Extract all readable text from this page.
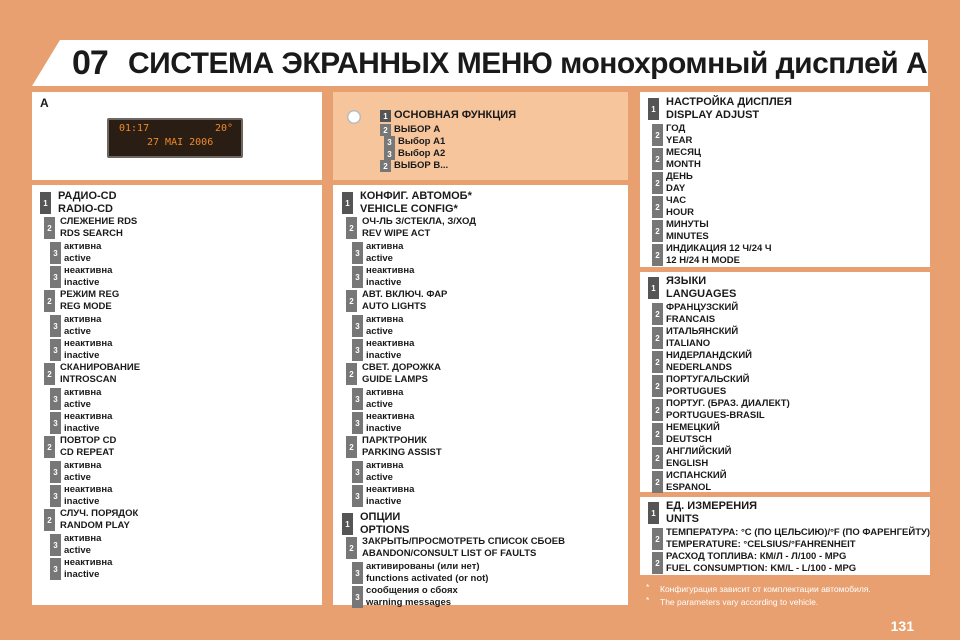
07 СИСТЕМА ЭКРАННЫХ МЕНЮ монохромный дисплей A
A
01:17	20°
27 MAI 2006
1 ОСНОВНАЯ ФУНКЦИЯ
2 ВЫБОР A
3 Выбор A1
3 Выбор A2
2 ВЫБОР B...
1
РАДИО-CD
RADIO-CD
2
СЛЕЖЕНИЕ RDS
RDS SEARCH
3
активна
active
3
неактивна
inactive
2
РЕЖИМ REG
REG MODE
3
активна
active
3
неактивна
inactive
2
СКАНИРОВАНИЕ
INTROSCAN
3
активна
active
3
неактивна
inactive
2
ПОВТОР CD
CD REPEAT
3
активна
active
3
неактивна
inactive
2
СЛУЧ. ПОРЯДОК
RANDOM PLAY
3
активна
active
3
неактивна
inactive
1
КОНФИГ. АВТОМОБ*
VEHICLE CONFIG*
2
ОЧ-ЛЬ З/СТЕКЛА, З/ХОД
REV WIPE ACT
3
активна
active
3
неактивна
inactive
2
АВТ. ВКЛЮЧ. ФАР
AUTO LIGHTS
3
активна
active
3
неактивна
inactive
2
СВЕТ. ДОРОЖКА
GUIDE LAMPS
3
активна
active
3
неактивна
inactive
2
ПАРКТРОНИК
PARKING ASSIST
3
активна
active
3
неактивна
inactive
1
ОПЦИИ
OPTIONS
2
ЗАКРЫТЬ/ПРОСМОТРЕТЬ СПИСОК СБОЕВ
ABANDON/CONSULT LIST OF FAULTS
3
активированы (или нет)
functions activated (or not)
3
сообщения о сбоях
warning messages
1
НАСТРОЙКА ДИСПЛЕЯ
DISPLAY ADJUST
2
ГОД
YEAR
2
МЕСЯЦ
MONTH
2
ДЕНЬ
DAY
2
ЧАС
HOUR
2
МИНУТЫ
MINUTES
2
ИНДИКАЦИЯ 12 Ч/24 Ч
12 H/24 H MODE
1
ЯЗЫКИ
LANGUAGES
2
ФРАНЦУЗСКИЙ
FRANCAIS
2
ИТАЛЬЯНСКИЙ
ITALIANO
2
НИДЕРЛАНДСКИЙ
NEDERLANDS
2
ПОРТУГАЛЬСКИЙ
PORTUGUES
2
ПОРТУГ. (БРАЗ. ДИАЛЕКТ)
PORTUGUES-BRASIL
2
НЕМЕЦКИЙ
DEUTSCH
2
АНГЛИЙСКИЙ
ENGLISH
2
ИСПАНСКИЙ
ESPANOL
1
ЕД. ИЗМЕРЕНИЯ
UNITS
2
ТЕМПЕРАТУРА: °C (ПО ЦЕЛЬСИЮ)/°F (ПО ФАРЕНГЕЙТУ)
TEMPERATURE: °CELSIUS/°FAHRENHEIT
2
РАСХОД ТОПЛИВА: КМ/Л - Л/100 - MPG
FUEL CONSUMPTION: KM/L - L/100 - MPG
* Конфигурация зависит от комплектации автомобиля.
* The parameters vary according to vehicle.
131
